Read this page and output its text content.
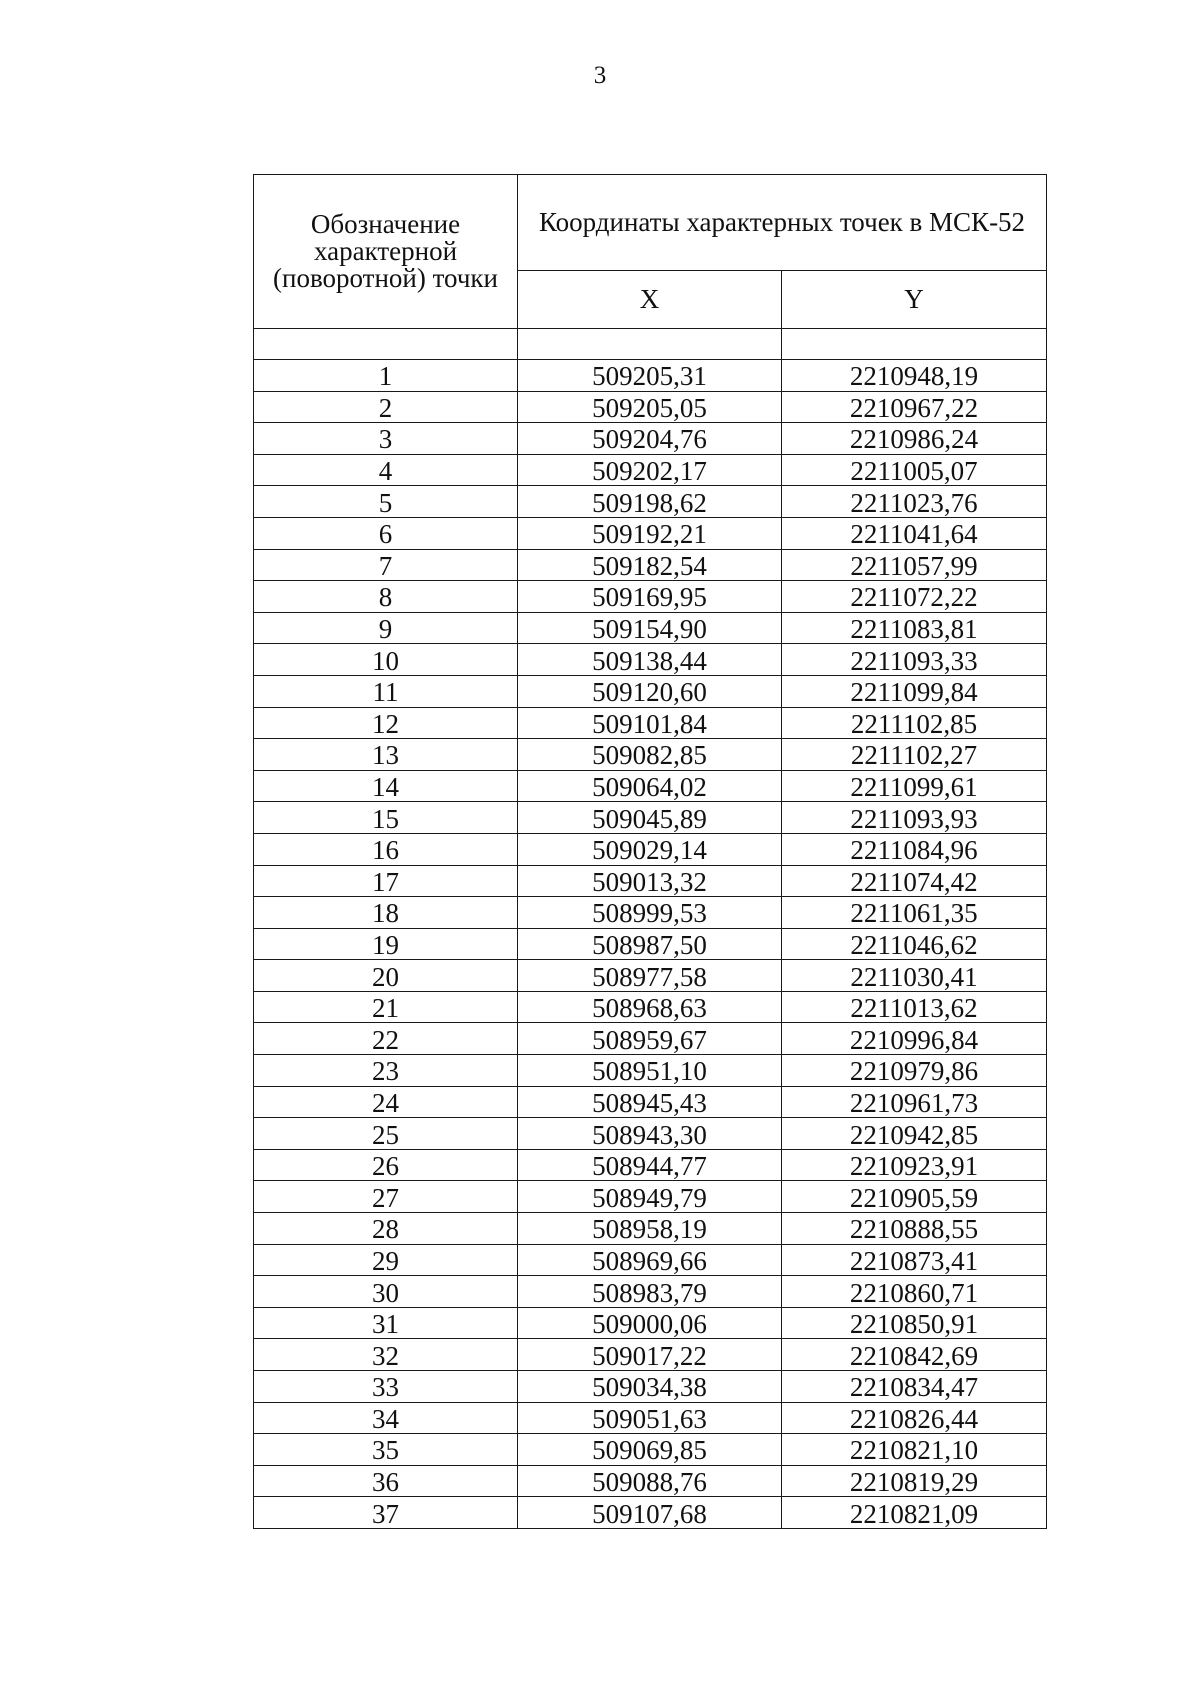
3
Обозначение характерной (поворотной) точки	Координаты характерных точек в МСК-52	
	X	Y

1	509205,31	2210948,19
2	509205,05	2210967,22
3	509204,76	2210986,24
4	509202,17	2211005,07
5	509198,62	2211023,76
6	509192,21	2211041,64
7	509182,54	2211057,99
8	509169,95	2211072,22
9	509154,90	2211083,81
10	509138,44	2211093,33
11	509120,60	2211099,84
12	509101,84	2211102,85
13	509082,85	2211102,27
14	509064,02	2211099,61
15	509045,89	2211093,93
16	509029,14	2211084,96
17	509013,32	2211074,42
18	508999,53	2211061,35
19	508987,50	2211046,62
20	508977,58	2211030,41
21	508968,63	2211013,62
22	508959,67	2210996,84
23	508951,10	2210979,86
24	508945,43	2210961,73
25	508943,30	2210942,85
26	508944,77	2210923,91
27	508949,79	2210905,59
28	508958,19	2210888,55
29	508969,66	2210873,41
30	508983,79	2210860,71
31	509000,06	2210850,91
32	509017,22	2210842,69
33	509034,38	2210834,47
34	509051,63	2210826,44
35	509069,85	2210821,10
36	509088,76	2210819,29
37	509107,68	2210821,09
